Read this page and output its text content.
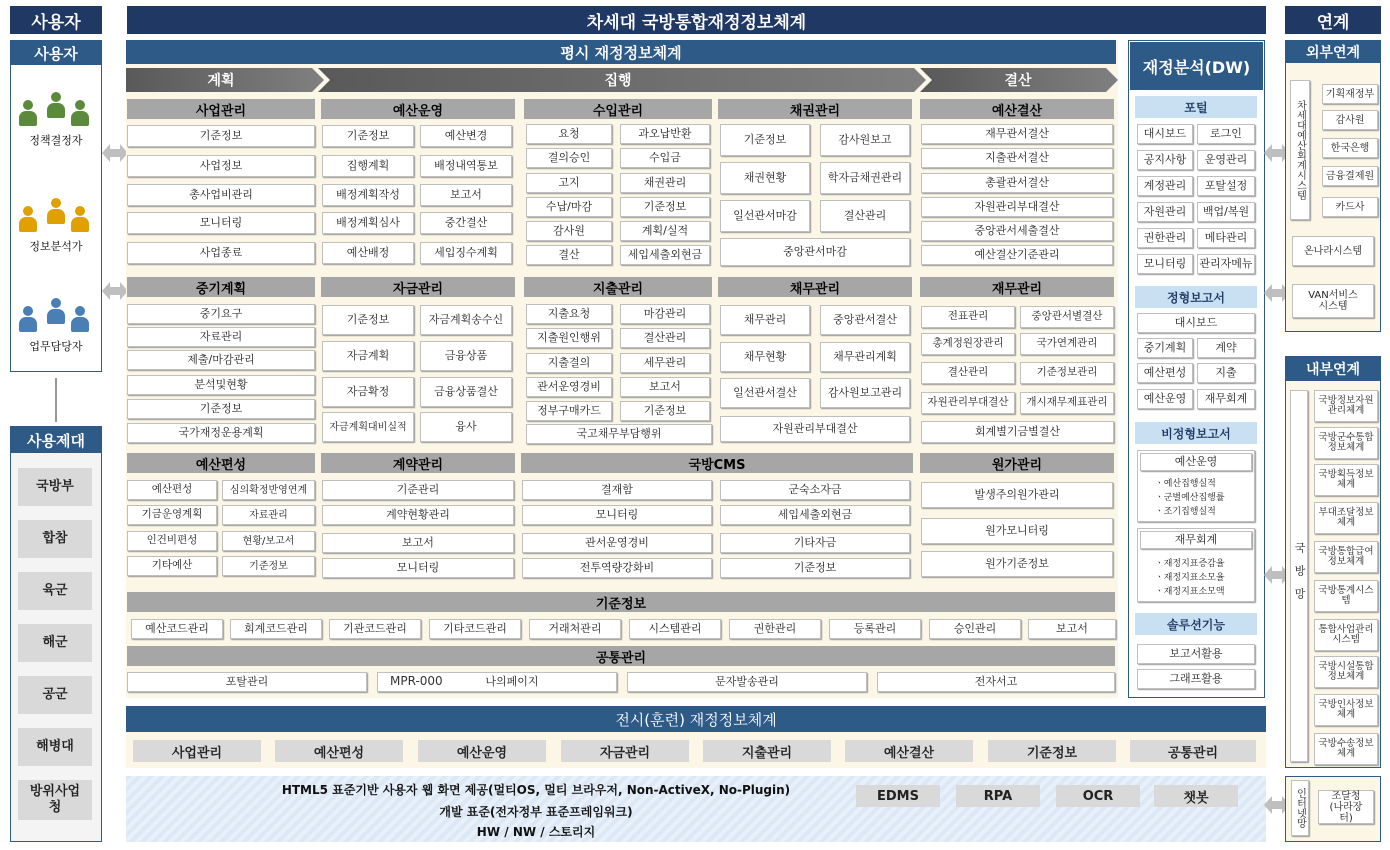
사용자	차세대 국방통합재정정보체계	연계
사용자
정책결정자
정보분석가
업무담당자
사용제대
평시 재정정보체계
계획	집행	결산
전시(훈련) 재정정보체계
HTML5 표준기반 사용자 웹 화면 제공(멀티OS, 멀티 브라우저, Non-ActiveX, No-Plugin)
개발 표준(전자정부 표준프레임워크)
HW / NW / 스토리지
재정분석(DW)
외부연계
차세대예산회계시스템
온나라시스템
VAN서비스 시스템
내부연계
국방망
인터넷망	조달청(나라장터)
국방부
합참
육군
해군
공군
해병대
방위사업청
사업관리
기준정보
사업정보
총사업비관리
모니터링
사업종료
예산운영
기준정보	예산변경
집행계획	배정내역통보
배정계획작성	보고서
배정계획심사	중간결산
예산배정	세입징수계획
수입관리
요청	과오납반환
결의승인	수입금
고지	채권관리
수납/마감	기준정보
감사원	계획/실적
결산	세입세출외현금
채권관리
기준정보	감사원보고
채권현황	학자금채권관리
일선관서마감	결산관리
중앙관서마감
예산결산
재무관서결산
지출관서결산
총괄관서결산
자원관리부대결산
중앙관서세출결산
예산결산기준관리
중기계획
중기요구
자료관리
제출/마감관리
분석및현황
기준정보
국가재정운용계획
자금관리
기준정보	자금계획송수신
자금계획	금융상품
자금확정	금융상품결산
자금계획대비실적	융사
지출관리
지출요청	마감관리
지출원인행위	결산관리
지출결의	세무관리
관서운영경비	보고서
정부구매카드	기준정보
국고채무부담행위
채무관리
채무관리	중앙관서결산
채무현황	채무관리계획
일선관서결산	감사원보고관리
자원관리부대결산
재무관리
전표관리	중앙관서별결산
총계정원장관리	국가연계관리
결산관리	기준정보관리
자원관리부대결산	개시재무제표관리
회계별기금별결산
예산편성
예산편성	심의확정반영연계
기금운영계획	자료관리
인건비편성	현황/보고서
기타예산	기준정보
계약관리
기준관리
계약현황관리
보고서
모니터링
국방CMS
결재함	군숙소자금
모니터링	세입세출외현금
관서운영경비	기타자금
전투역량강화비	기준정보
원가관리
발생주의원가관리
원가모니터링
원가기준정보
기준정보
예산코드관리	회계코드관리	기관코드관리	기타코드관리	거래처관리	시스템관리	권한관리	등록관리	승인관리	보고서
공통관리
포탈관리	나의페이지
MPR-000	문자발송관리	전자서고
사업관리	예산편성	예산운영	자금관리	지출관리	예산결산	기준정보	공통관리
EDMS	RPA	OCR	챗봇
포털
대시보드	로그인
공지사항	운영관리
계정관리	포탈설정
자원관리	백업/복원
권한관리	메타관리
모니터링	관리자메뉴
정형보고서
대시보드
중기계획	계약
예산편성	지출
예산운영	재무회계
비정형보고서
예산운영
ㆍ예산집행실적
ㆍ군별예산집행률
ㆍ조기집행실적
재무회계
ㆍ재정지표증감율
ㆍ재정지표소모율
ㆍ재정지표소모액
솔루션기능
보고서활용
그래프활용
기획재정부
감사원
한국은행
금융결제원
카드사
국방정보자원관리체계
국방군수통합정보체계
국방획득정보체계
부대조달정보체계
국방통합급여정보체계
국방통계시스템
통합사업관리시스템
국방시설통합정보체계
국방인사정보체계
국방수송정보체계
